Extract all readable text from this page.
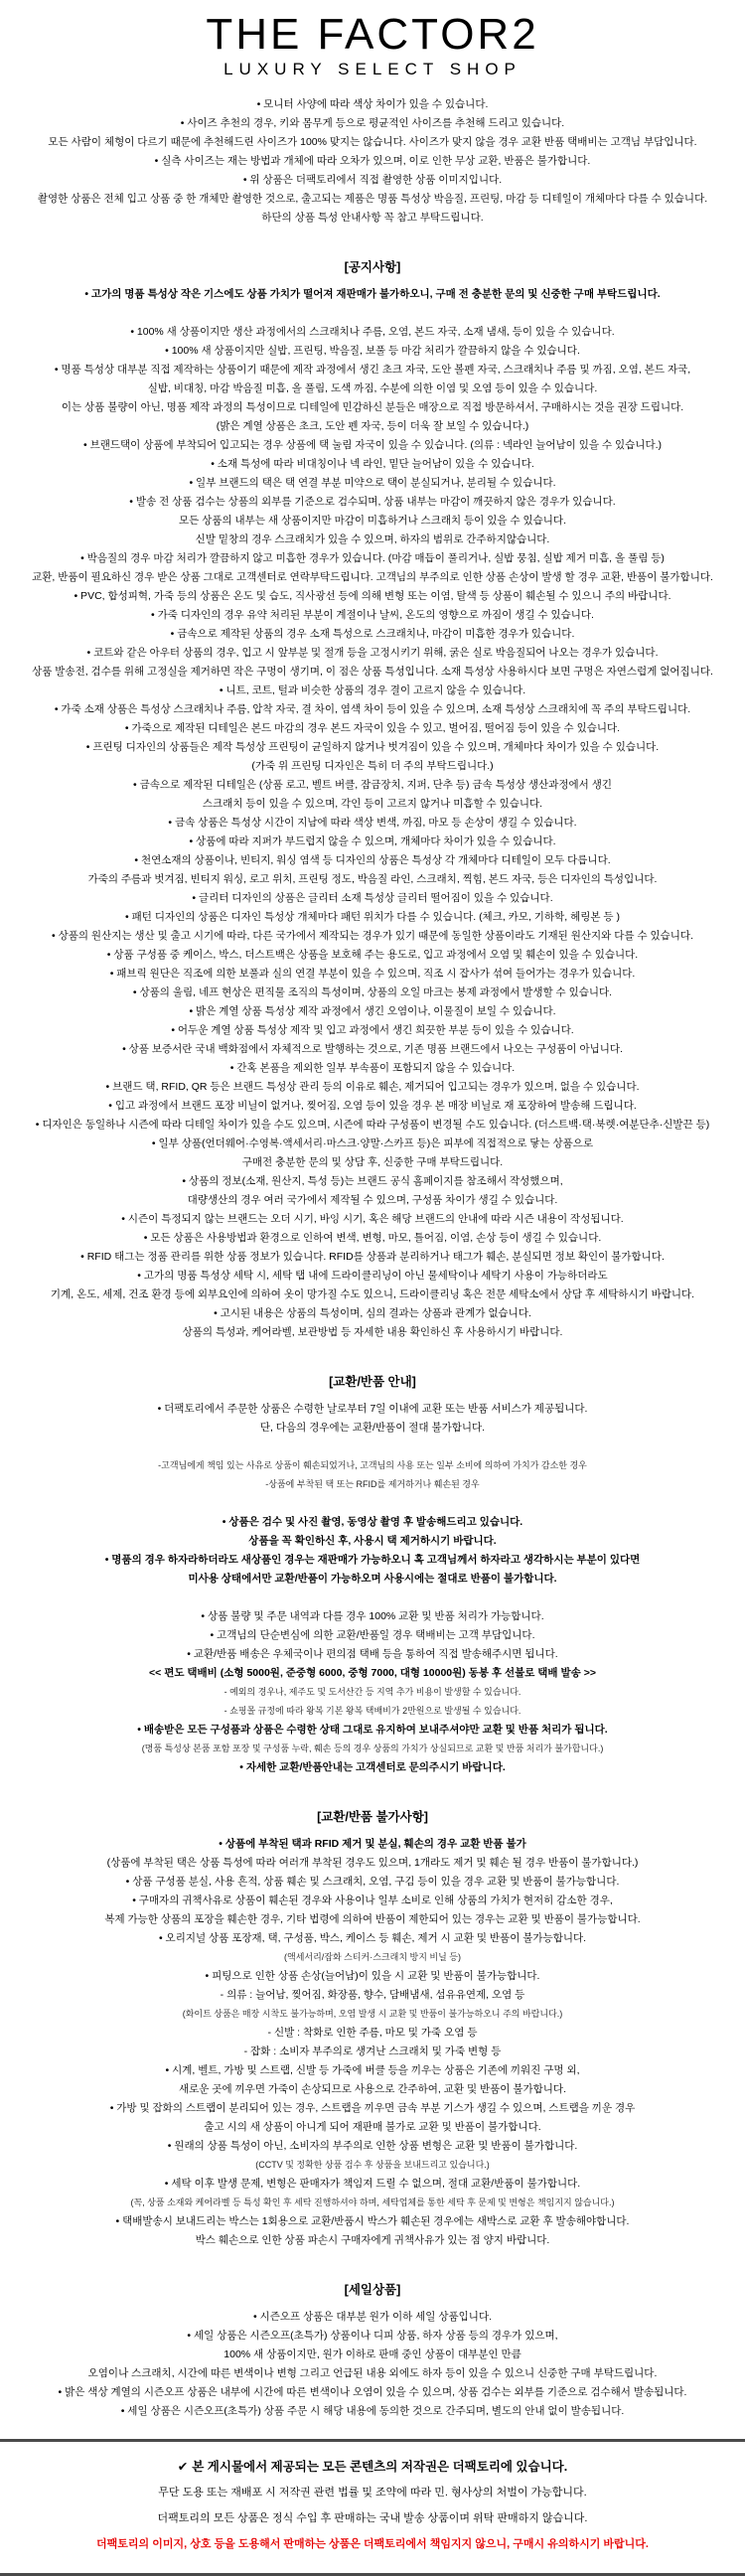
THE FACTOR2
LUXURY SELECT SHOP

• 모니터 사양에 따라 색상 차이가 있을 수 있습니다.

• 사이즈 추천의 경우, 키와 몸무게 등으로 평균적인 사이즈를 추천해 드리고 있습니다.

모든 사람이 체형이 다르기 때문에 추천해드린 사이즈가 100% 맞지는 않습니다. 사이즈가 맞지 않을 경우 교환 반품 택배비는 고객님 부담입니다.

• 실측 사이즈는 재는 방법과 개체에 따라 오차가 있으며, 이로 인한 무상 교환, 반품은 불가합니다.

• 위 상품은 더팩토리에서 직접 촬영한 상품 이미지입니다.

촬영한 상품은 전체 입고 상품 중 한 개체만 촬영한 것으로, 출고되는 제품은 명품 특성상 박음질, 프린팅, 마감 등 디테일이 개체마다 다를 수 있습니다.

하단의 상품 특성 안내사항 꼭 참고 부탁드립니다.

[공지사항]

• 고가의 명품 특성상 작은 기스에도 상품 가치가 떨어져 재판매가 불가하오니, 구매 전 충분한 문의 및 신중한 구매 부탁드립니다.

• 100% 새 상품이지만 생산 과정에서의 스크래치나 주름, 오염, 본드 자국, 소재 냄새, 등이 있을 수 있습니다.

• 100% 새 상품이지만 실밥, 프린팅, 박음질, 보풀 등 마감 처리가 깔끔하지 않을 수 있습니다.

• 명품 특성상 대부분 직접 제작하는 상품이기 때문에 제작 과정에서 생긴 초크 자국, 도안 볼펜 자국, 스크래치나 주름 및 까짐, 오염, 본드 자국,

실밥, 비대칭, 마감 박음질 미흡, 올 풀림, 도색 까짐, 수분에 의한 이염 및 오염 등이 있을 수 있습니다.

이는 상품 불량이 아닌, 명품 제작 과정의 특성이므로 디테일에 민감하신 분들은 매장으로 직접 방문하셔서, 구매하시는 것을 권장 드립니다.

(밝은 계열 상품은 초크, 도안 펜 자국, 등이 더욱 잘 보일 수 있습니다.)

• 브랜드택이 상품에 부착되어 입고되는 경우 상품에 택 눌림 자국이 있을 수 있습니다. (의류 : 넥라인 늘어남이 있을 수 있습니다.)

• 소재 특성에 따라 비대칭이나 넥 라인, 밑단 늘어남이 있을 수 있습니다.

• 일부 브랜드의 택은 택 연결 부분 미약으로 택이 분실되거나, 분리될 수 있습니다.

• 발송 전 상품 검수는 상품의 외부를 기준으로 검수되며, 상품 내부는 마감이 깨끗하지 않은 경우가 있습니다.

모든 상품의 내부는 새 상품이지만 마감이 미흡하거나 스크래치 등이 있을 수 있습니다.

신발 밑창의 경우 스크래치가 있을 수 있으며, 하자의 범위로 간주하지않습니다.

• 박음질의 경우 마감 처리가 깔끔하지 않고 미흡한 경우가 있습니다. (마감 매듭이 풀리거나, 실밥 뭉침, 실밥 제거 미흡, 올 풀림 등)

교환, 반품이 필요하신 경우 받은 상품 그대로 고객센터로 연락부탁드립니다. 고객님의 부주의로 인한 상품 손상이 발생 할 경우 교환, 반품이 불가합니다.

• PVC, 합성피혁, 가죽 등의 상품은 온도 및 습도, 직사광선 등에 의해 변형 또는 이염, 탈색 등 상품이 훼손될 수 있으니 주의 바랍니다.

• 가죽 디자인의 경우 유약 처리된 부분이 계절이나 날씨, 온도의 영향으로 까짐이 생길 수 있습니다.

• 금속으로 제작된 상품의 경우 소재 특성으로 스크래치나, 마감이 미흡한 경우가 있습니다.

• 코트와 같은 아우터 상품의 경우, 입고 시 앞부분 및 절개 등을 고정시키기 위해, 굵은 실로 박음질되어 나오는 경우가 있습니다.

상품 발송전, 검수를 위해 고정실을 제거하면 작은 구멍이 생기며, 이 점은 상품 특성입니다. 소재 특성상 사용하시다 보면 구멍은 자연스럽게 없어집니다.

• 니트, 코트, 털과 비슷한 상품의 경우 결이 고르지 않을 수 있습니다.

• 가죽 소재 상품은 특성상 스크래치나 주름, 압착 자국, 결 차이, 염색 차이 등이 있을 수 있으며, 소재 특성상 스크래치에 꼭 주의 부탁드립니다.

• 가죽으로 제작된 디테일은 본드 마감의 경우 본드 자국이 있을 수 있고, 벌어짐, 떨어짐 등이 있을 수 있습니다.

• 프린팅 디자인의 상품들은 제작 특성상 프린팅이 균일하지 않거나 벗겨짐이 있을 수 있으며, 개체마다 차이가 있을 수 있습니다.

(가죽 위 프린팅 디자인은 특히 더 주의 부탁드립니다.)

• 금속으로 제작된 디테일은 (상품 로고, 벨트 버클, 잠금장치, 지퍼, 단추 등) 금속 특성상 생산과정에서 생긴

스크래치 등이 있을 수 있으며, 각인 등이 고르지 않거나 미흡할 수 있습니다.

• 금속 상품은 특성상 시간이 지남에 따라 색상 변색, 까짐, 마모 등 손상이 생길 수 있습니다.

• 상품에 따라 지퍼가 부드럽지 않을 수 있으며, 개체마다 차이가 있을 수 있습니다.

• 천연소재의 상품이나, 빈티지, 워싱 염색 등 디자인의 상품은 특성상 각 개체마다 디테일이 모두 다릅니다.

가죽의 주름과 벗겨짐, 빈티지 워싱, 로고 위치, 프린팅 정도, 박음질 라인, 스크래치, 찍힘, 본드 자국, 등은 디자인의 특성입니다.

• 글리터 디자인의 상품은 글리터 소재 특성상 글리터 떨어짐이 있을 수 있습니다.

• 패턴 디자인의 상품은 디자인 특성상 개체마다 패턴 위치가 다를 수 있습니다. (체크, 카모, 기하학, 헤링본 등 )

• 상품의 원산지는 생산 및 출고 시기에 따라, 다른 국가에서 제작되는 경우가 있기 때문에 동일한 상품이라도 기재된 원산지와 다를 수 있습니다.

• 상품 구성품 중 케이스, 박스, 더스트백은 상품을 보호해 주는 용도로, 입고 과정에서 오염 및 훼손이 있을 수 있습니다.

• 패브릭 원단은 직조에 의한 보풀과 실의 연결 부분이 있을 수 있으며, 직조 시 잡사가 섞여 들어가는 경우가 있습니다.

• 상품의 울림, 네프 현상은 편직물 조직의 특성이며, 상품의 오일 마크는 봉제 과정에서 발생할 수 있습니다.

• 밝은 계열 상품 특성상 제작 과정에서 생긴 오염이나, 이물질이 보일 수 있습니다.

• 어두운 계열 상품 특성상 제작 및 입고 과정에서 생긴 희끗한 부분 등이 있을 수 있습니다.

• 상품 보증서란 국내 백화점에서 자체적으로 발행하는 것으로, 기존 명품 브랜드에서 나오는 구성품이 아닙니다.

• 간혹 본품을 제외한 일부 부속품이 포함되지 않을 수 있습니다.

• 브랜드 택, RFID, QR 등은 브랜드 특성상 관리 등의 이유로 훼손, 제거되어 입고되는 경우가 있으며, 없을 수 있습니다.

• 입고 과정에서 브랜드 포장 비닐이 없거나, 찢어짐, 오염 등이 있을 경우 본 매장 비닐로 재 포장하여 발송해 드립니다.

• 디자인은 동일하나 시즌에 따라 디테일 차이가 있을 수도 있으며, 시즌에 따라 구성품이 변경될 수도 있습니다. (더스트백·택·북렛·여분단추·신발끈 등)

• 일부 상품(언더웨어·수영복·액세서리·마스크·양말·스카프 등)은 피부에 직접적으로 닿는 상품으로

구매전 충분한 문의 및 상담 후, 신중한 구매 부탁드립니다.

• 상품의 정보(소재, 원산지, 특성 등)는 브랜드 공식 홈페이지를 참조해서 작성했으며,

대량생산의 경우 여러 국가에서 제작될 수 있으며, 구성품 차이가 생길 수 있습니다.

• 시즌이 특정되지 않는 브랜드는 오더 시기, 바잉 시기, 혹은 해당 브랜드의 안내에 따라 시즌 내용이 작성됩니다.

• 모든 상품은 사용방법과 환경으로 인하여 변색, 변형, 마모, 틀어짐, 이염, 손상 등이 생길 수 있습니다.

• RFID 태그는 정품 관리를 위한 상품 정보가 있습니다. RFID를 상품과 분리하거나 태그가 훼손, 분실되면 정보 확인이 불가합니다.

• 고가의 명품 특성상 세탁 시, 세탁 탭 내에 드라이클리닝이 아닌 물세탁이나 세탁기 사용이 가능하더라도

기계, 온도, 세제, 건조 환경 등에 외부요인에 의하여 옷이 망가질 수도 있으니, 드라이클리닝 혹은 전문 세탁소에서 상담 후 세탁하시기 바랍니다.

• 고시된 내용은 상품의 특성이며, 심의 결과는 상품과 관계가 없습니다.

상품의 특성과, 케어라벨, 보관방법 등 자세한 내용 확인하신 후 사용하시기 바랍니다.

[교환/반품 안내]

• 더팩토리에서 주문한 상품은 수령한 날로부터 7일 이내에 교환 또는 반품 서비스가 제공됩니다.

단, 다음의 경우에는 교환/반품이 절대 불가합니다.

-고객님에게 책임 있는 사유로 상품이 훼손되었거나, 고객님의 사용 또는 일부 소비에 의하여 가치가 감소한 경우

-상품에 부착된 택 또는 RFID를 제거하거나 훼손된 경우

• 상품은 검수 및 사진 촬영, 동영상 촬영 후 발송해드리고 있습니다.

상품을 꼭 확인하신 후, 사용시 택 제거하시기 바랍니다.

• 명품의 경우 하자라하더라도 새상품인 경우는 재판매가 가능하오니 혹 고객님께서 하자라고 생각하시는 부분이 있다면

미사용 상태에서만 교환/반품이 가능하오며 사용시에는 절대로 반품이 불가합니다.

• 상품 불량 및 주문 내역과 다를 경우 100% 교환 및 반품 처리가 가능합니다.

• 고객님의 단순변심에 의한 교환/반품일 경우 택배비는 고객 부담입니다.

• 교환/반품 배송은 우체국이나 편의점 택배 등을 통하여 직접 발송해주시면 됩니다.

<< 편도 택배비 (소형 5000원, 준중형 6000, 중형 7000, 대형 10000원) 동봉 후 선불로 택배 발송 >>

- 예외의 경우나, 제주도 및 도서산간 등 지역 추가 비용이 발생할 수 있습니다.

- 쇼핑몰 규정에 따라 왕복 기본 왕복 택배비가 2만원으로 발생될 수 있습니다.

• 배송받은 모든 구성품과 상품은 수령한 상태 그대로 유지하여 보내주셔야만 교환 및 반품 처리가 됩니다.

(명품 특성상 본품 포함 포장 및 구성품 누락, 훼손 등의 경우 상품의 가치가 상실되므로 교환 및 반품 처리가 불가합니다.)

• 자세한 교환/반품안내는 고객센터로 문의주시기 바랍니다.

[교환/반품 불가사항]

• 상품에 부착된 택과 RFID 제거 및 분실, 훼손의 경우 교환 반품 불가

(상품에 부착된 택은 상품 특성에 따라 여러개 부착된 경우도 있으며, 1개라도 제거 및 훼손 될 경우 반품이 불가합니다.)

• 상품 구성품 분실, 사용 흔적, 상품 훼손 및 스크래치, 오염, 구김 등이 있을 경우 교환 및 반품이 불가능합니다.

• 구매자의 귀책사유로 상품이 훼손된 경우와 사용이나 일부 소비로 인해 상품의 가치가 현저히 감소한 경우,

복제 가능한 상품의 포장을 훼손한 경우, 기타 법령에 의하여 반품이 제한되어 있는 경우는 교환 및 반품이 불가능합니다.

• 오리지널 상품 포장재, 택, 구성품, 박스, 케이스 등 훼손, 제거 시 교환 및 반품이 불가능합니다.

(액세서리/잡화 스티커·스크래치 방지 비닐 등)

• 피팅으로 인한 상품 손상(늘어남)이 있을 시 교환 및 반품이 불가능합니다.

- 의류 : 늘어남, 찢어짐, 화장품, 향수, 담배냄새, 섬유유연제, 오염 등

(화이트 상품은 매장 시착도 불가능하며, 오염 발생 시 교환 및 반품이 불가능하오니 주의 바랍니다.)

- 신발 : 착화로 인한 주름, 마모 및 가죽 오염 등

- 잡화 : 소비자 부주의로 생겨난 스크래치 및 가죽 변형 등

• 시계, 벨트, 가방 및 스트랩, 신발 등 가죽에 버클 등을 끼우는 상품은 기존에 끼워진 구멍 외,

새로운 곳에 끼우면 가죽이 손상되므로 사용으로 간주하여, 교환 및 반품이 불가합니다.

• 가방 및 잡화의 스트랩이 분리되어 있는 경우, 스트랩을 끼우면 금속 부분 기스가 생길 수 있으며, 스트랩을 끼운 경우

출고 시의 새 상품이 아니게 되어 재판매 불가로 교환 및 반품이 불가합니다.

• 원래의 상품 특성이 아닌, 소비자의 부주의로 인한 상품 변형은 교환 및 반품이 불가합니다.

(CCTV 및 정확한 상품 검수 후 상품을 보내드리고 있습니다.)

• 세탁 이후 발생 문제, 변형은 판매자가 책임져 드릴 수 없으며, 절대 교환/반품이 불가합니다.

(꼭, 상품 소재와 케어라벨 등 특성 확인 후 세탁 진행하셔야 하며, 세탁업체를 통한 세탁 후 문제 및 변형은 책임지지 않습니다.)

• 택배발송시 보내드리는 박스는 1회용으로 교환/반품시 박스가 훼손된 경우에는 새박스로 교환 후 발송해야합니다.

박스 훼손으로 인한 상품 파손시 구매자에게 귀책사유가 있는 점 양지 바랍니다.

[세일상품]

• 시즌오프 상품은 대부분 원가 이하 세일 상품입니다.

• 세일 상품은 시즌오프(초특가) 상품이나 디피 상품, 하자 상품 등의 경우가 있으며,

100% 새 상품이지만, 원가 이하로 판매 중인 상품이 대부분인 만큼

오염이나 스크래치, 시간에 따른 변색이나 변형 그리고 언급된 내용 외에도 하자 등이 있을 수 있으니 신중한 구매 부탁드립니다.

• 밝은 색상 계열의 시즌오프 상품은 내부에 시간에 따른 변색이나 오염이 있을 수 있으며, 상품 검수는 외부를 기준으로 검수해서 발송됩니다.

• 세일 상품은 시즌오프(초특가) 상품 주문 시 해당 내용에 동의한 것으로 간주되며, 별도의 안내 없이 발송됩니다.

✔ 본 게시물에서 제공되는 모든 콘텐츠의 저작권은 더팩토리에 있습니다.

무단 도용 또는 재배포 시 저작권 관련 법률 및 조약에 따라 민. 형사상의 처벌이 가능합니다.

더팩토리의 모든 상품은 정식 수입 후 판매하는 국내 발송 상품이며 위탁 판매하지 않습니다.

더팩토리의 이미지, 상호 등을 도용해서 판매하는 상품은 더팩토리에서 책임지지 않으니, 구매시 유의하시기 바랍니다.
